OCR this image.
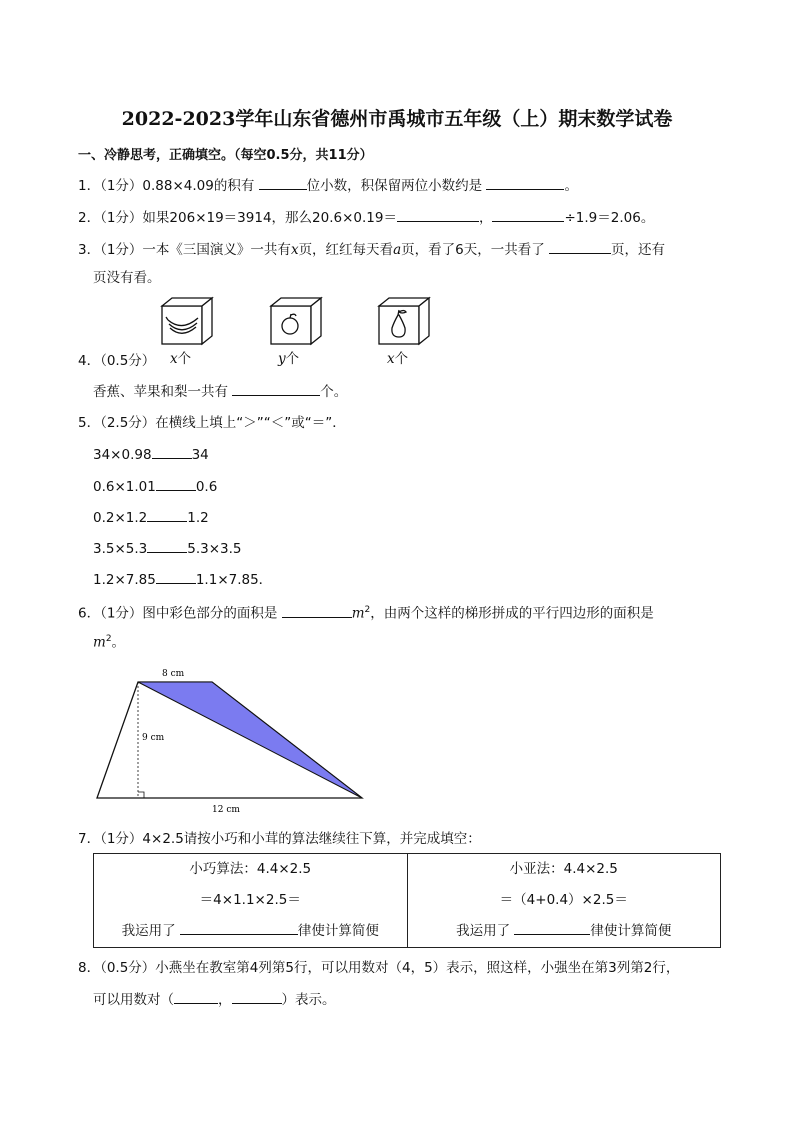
2022-2023学年山东省德州市禹城市五年级（上）期末数学试卷
一、冷静思考，正确填空。（每空0.5分，共11分）
1．（1分）0.88×4.09的积有	位小数，积保留两位小数约是	。
2．（1分）如果206×19＝3914，那么20.6×0.19＝	，	÷1.9＝2.06。
3．（1分）一本《三国演义》一共有x页，红红每天看a页，看了6天，一共看了	页，还有
页没有看。
x个	y个	x个
4．（0.5分）
香蕉、苹果和梨一共有	个。
5．（2.5分）在横线上填上“＞”“＜”或“＝”．
34×0.98	34
0.6×1.01	0.6
0.2×1.2	1.2
3.5×5.3	5.3×3.5
1.2×7.85	1.1×7.85．
6．（1分）图中彩色部分的面积是	$m^2$，由两个这样的梯形拼成的平行四边形的面积是
$m^2$。
8 cm
9 cm
12 cm
7．（1分）4×2.5请按小巧和小茸的算法继续往下算，并完成填空：
小巧算法：4.4×2.5
＝4×1.1×2.5＝
我运用了	律使计算简便

小亚法：4.4×2.5
＝（4+0.4）×2.5＝
我运用了	律使计算简便
8．（0.5分）小燕坐在教室第4列第5行，可以用数对（4，5）表示，照这样，小强坐在第3列第2行，
可以用数对（	，	）表示。
